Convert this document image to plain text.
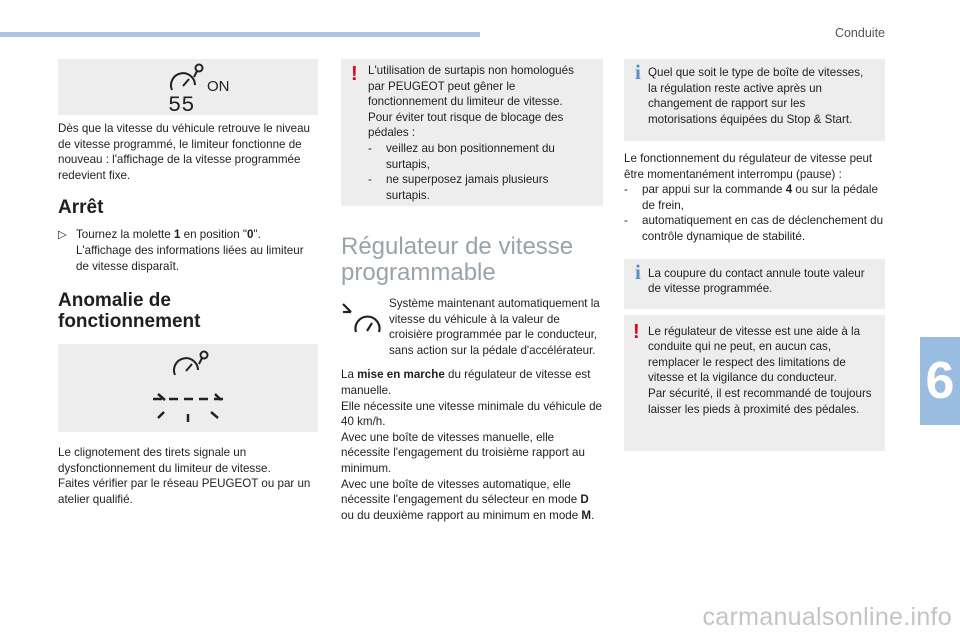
Conduite
6
carmanualsonline.info
ON
55

Dès que la vitesse du véhicule retrouve le niveau de vitesse programmé, le limiteur fonctionne de nouveau : l'affichage de la vitesse programmée redevient fixe.

Arrêt
▷ Tournez la molette 1 en position "0".
L'affichage des informations liées au limiteur de vitesse disparaît.
Anomalie de
fonctionnement

Le clignotement des tirets signale un dysfonctionnement du limiteur de vitesse.

Faites vérifier par le réseau PEUGEOT ou par un atelier qualifié.

! L'utilisation de surtapis non homologués par PEUGEOT peut gêner le fonctionnement du limiteur de vitesse.

Pour éviter tout risque de blocage des pédales :

- veillez au bon positionnement du surtapis,
- ne superposez jamais plusieurs surtapis.
Régulateur de vitesse
programmable

Système maintenant automatiquement la vitesse du véhicule à la valeur de croisière programmée par le conducteur, sans action sur la pédale d'accélérateur.

La mise en marche du régulateur de vitesse est manuelle.

Elle nécessite une vitesse minimale du véhicule de 40 km/h.

Avec une boîte de vitesses manuelle, elle nécessite l'engagement du troisième rapport au minimum.

Avec une boîte de vitesses automatique, elle nécessite l'engagement du sélecteur en mode D ou du deuxième rapport au minimum en mode M.

i Quel que soit le type de boîte de vitesses, la régulation reste active après un changement de rapport sur les motorisations équipées du Stop & Start.

Le fonctionnement du régulateur de vitesse peut être momentanément interrompu (pause) :

- par appui sur la commande 4 ou sur la pédale de frein,
- automatiquement en cas de déclenchement du contrôle dynamique de stabilité.
i La coupure du contact annule toute valeur de vitesse programmée.

! Le régulateur de vitesse est une aide à la conduite qui ne peut, en aucun cas, remplacer le respect des limitations de vitesse et la vigilance du conducteur.

Par sécurité, il est recommandé de toujours laisser les pieds à proximité des pédales.
